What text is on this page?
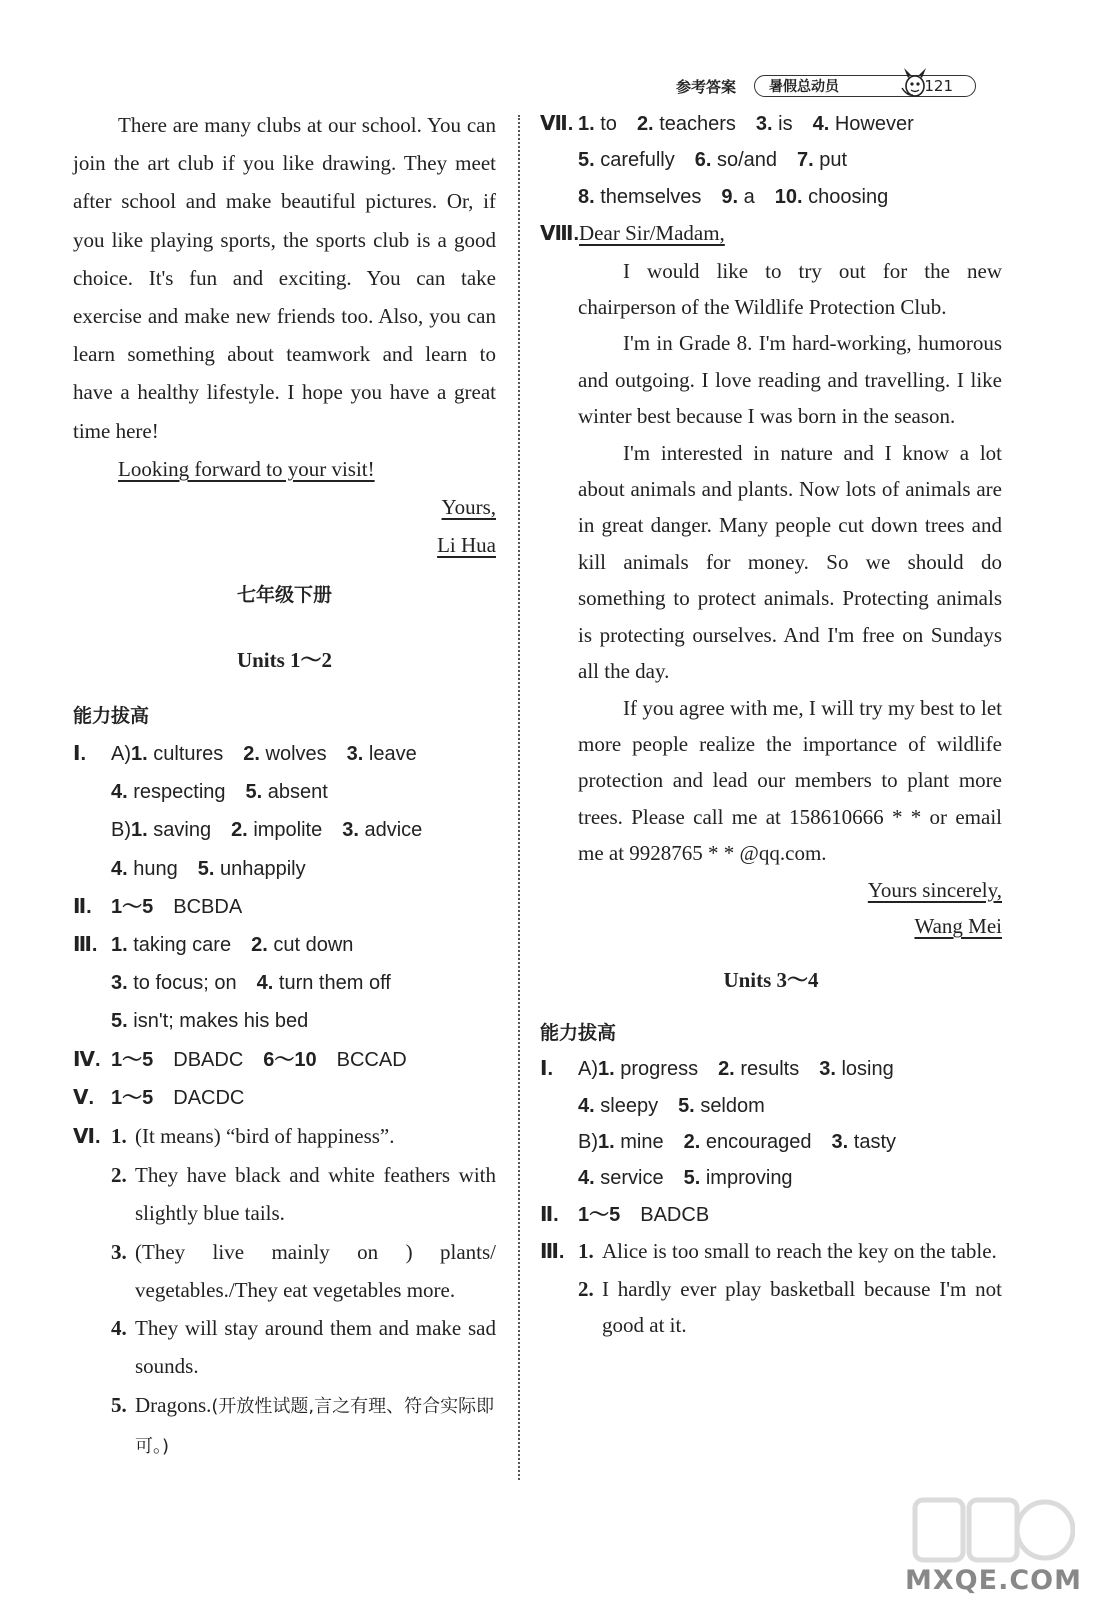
参考答案 暑假总动员	121
There are many clubs at our school. You can join the art club if you like drawing. They meet after school and make beautiful pictures. Or, if you like playing sports, the sports club is a good choice. It's fun and exciting. You can take exercise and make new friends too. Also, you can learn something about teamwork and learn to have a healthy lifestyle. I hope you have a great time here!
Looking forward to your visit!
Yours,
Li Hua
七年级下册
Units 1～2
能力拔高
Ⅰ. A)1. cultures 2. wolves 3. leave
4. respecting 5. absent
B)1. saving 2. impolite 3. advice
4. hung 5. unhappily
Ⅱ. 1～5 BCBDA
Ⅲ. 1. taking care 2. cut down
3. to focus; on 4. turn them off
5. isn't; makes his bed
Ⅳ. 1～5 DBADC 6～10 BCCAD
Ⅴ. 1～5 DACDC
Ⅵ. 1. (It means) “bird of happiness”.
2. They have black and white feathers with slightly blue tails.
3. (They live mainly on ) plants/ vegetables./They eat vegetables more.
4. They will stay around them and make sad sounds.
5. Dragons.(开放性试题,言之有理、符合实际即可。)
Ⅶ. 1. to 2. teachers 3. is 4. However
5. carefully 6. so/and 7. put
8. themselves 9. a 10. choosing
Ⅷ.Dear Sir/Madam,
I would like to try out for the new chairperson of the Wildlife Protection Club.
I'm in Grade 8. I'm hard-working, humorous and outgoing. I love reading and travelling. I like winter best because I was born in the season.
I'm interested in nature and I know a lot about animals and plants. Now lots of animals are in great danger. Many people cut down trees and kill animals for money. So we should do something to protect animals. Protecting animals is protecting ourselves. And I'm free on Sundays all the day.
If you agree with me, I will try my best to let more people realize the importance of wildlife protection and lead our members to plant more trees. Please call me at 158610666 * * or email me at 9928765 * * @qq.com.
Yours sincerely,
Wang Mei
Units 3～4
能力拔高
Ⅰ. A)1. progress 2. results 3. losing
4. sleepy 5. seldom
B)1. mine 2. encouraged 3. tasty
4. service 5. improving
Ⅱ. 1～5 BADCB
Ⅲ. 1. Alice is too small to reach the key on the table.
2. I hardly ever play basketball because I'm not good at it.
MXQE.COM
